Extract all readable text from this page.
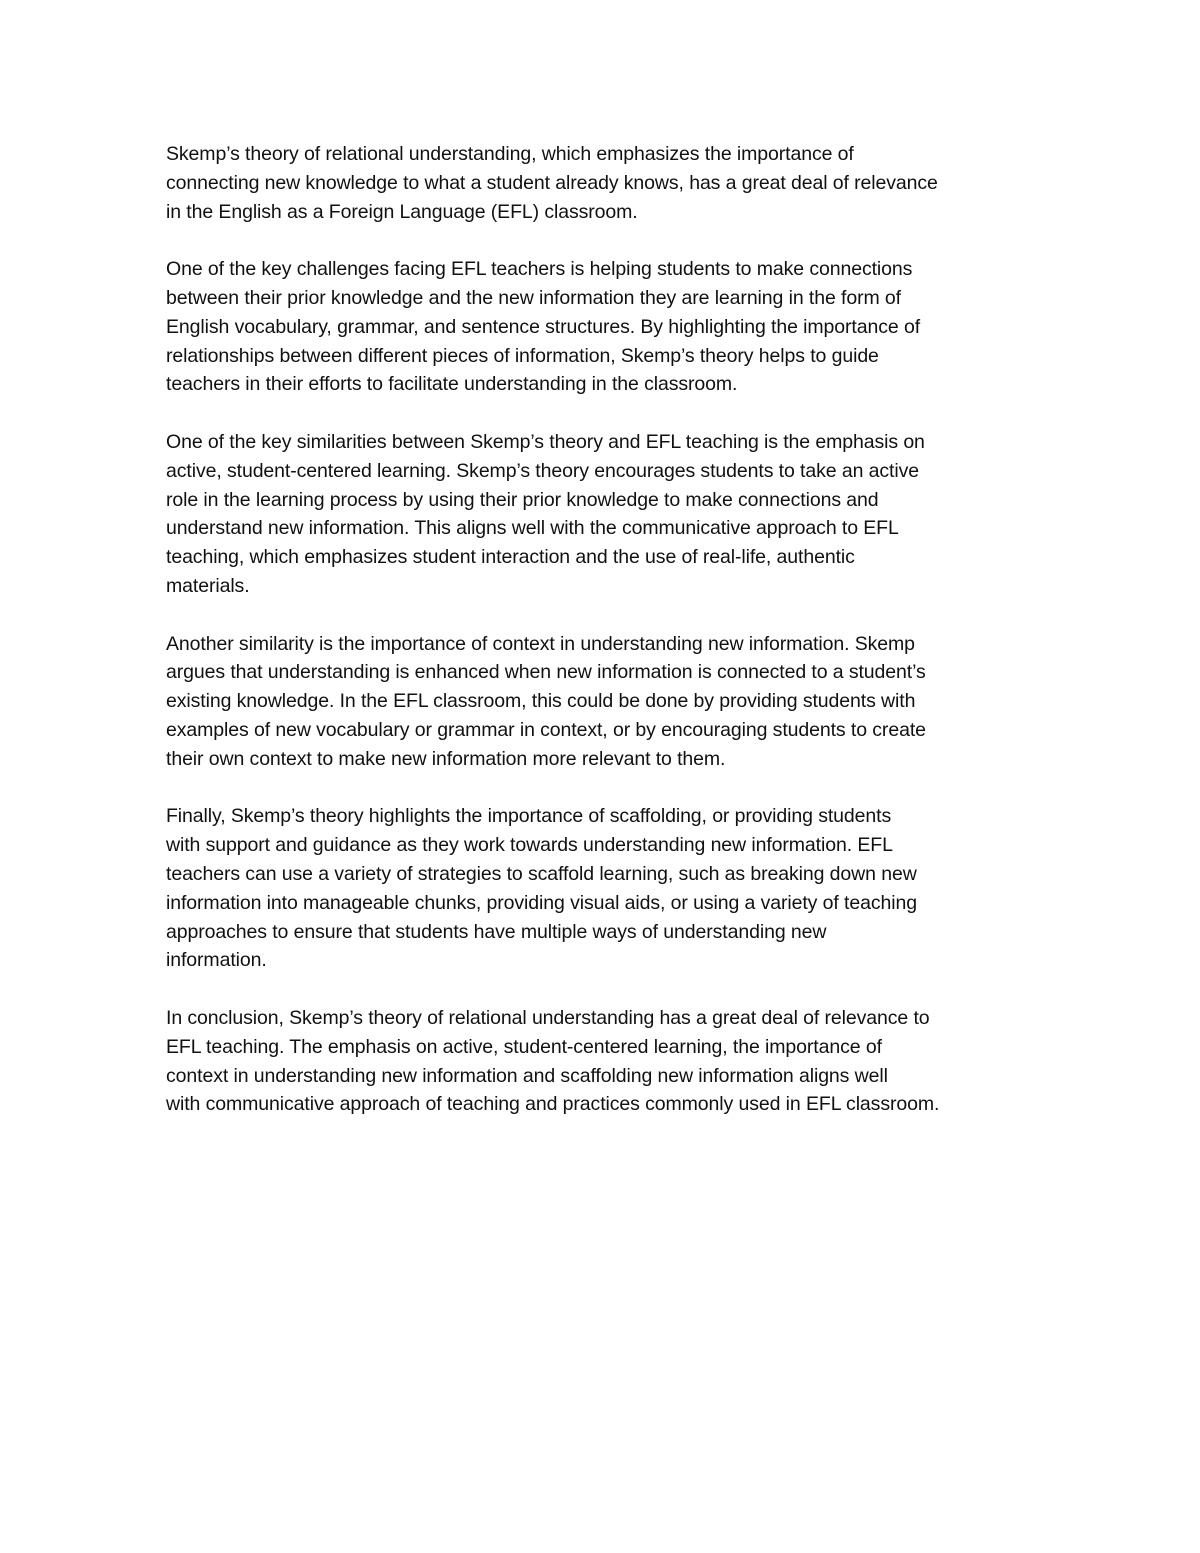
Skemp’s theory of relational understanding, which emphasizes the importance of
connecting new knowledge to what a student already knows, has a great deal of relevance
in the English as a Foreign Language (EFL) classroom.

One of the key challenges facing EFL teachers is helping students to make connections
between their prior knowledge and the new information they are learning in the form of
English vocabulary, grammar, and sentence structures. By highlighting the importance of
relationships between different pieces of information, Skemp’s theory helps to guide
teachers in their efforts to facilitate understanding in the classroom.

One of the key similarities between Skemp’s theory and EFL teaching is the emphasis on
active, student-centered learning. Skemp’s theory encourages students to take an active
role in the learning process by using their prior knowledge to make connections and
understand new information. This aligns well with the communicative approach to EFL
teaching, which emphasizes student interaction and the use of real-life, authentic
materials.

Another similarity is the importance of context in understanding new information. Skemp
argues that understanding is enhanced when new information is connected to a student’s
existing knowledge. In the EFL classroom, this could be done by providing students with
examples of new vocabulary or grammar in context, or by encouraging students to create
their own context to make new information more relevant to them.

Finally, Skemp’s theory highlights the importance of scaffolding, or providing students
with support and guidance as they work towards understanding new information. EFL
teachers can use a variety of strategies to scaffold learning, such as breaking down new
information into manageable chunks, providing visual aids, or using a variety of teaching
approaches to ensure that students have multiple ways of understanding new
information.

In conclusion, Skemp’s theory of relational understanding has a great deal of relevance to
EFL teaching. The emphasis on active, student-centered learning, the importance of
context in understanding new information and scaffolding new information aligns well
with communicative approach of teaching and practices commonly used in EFL classroom.
